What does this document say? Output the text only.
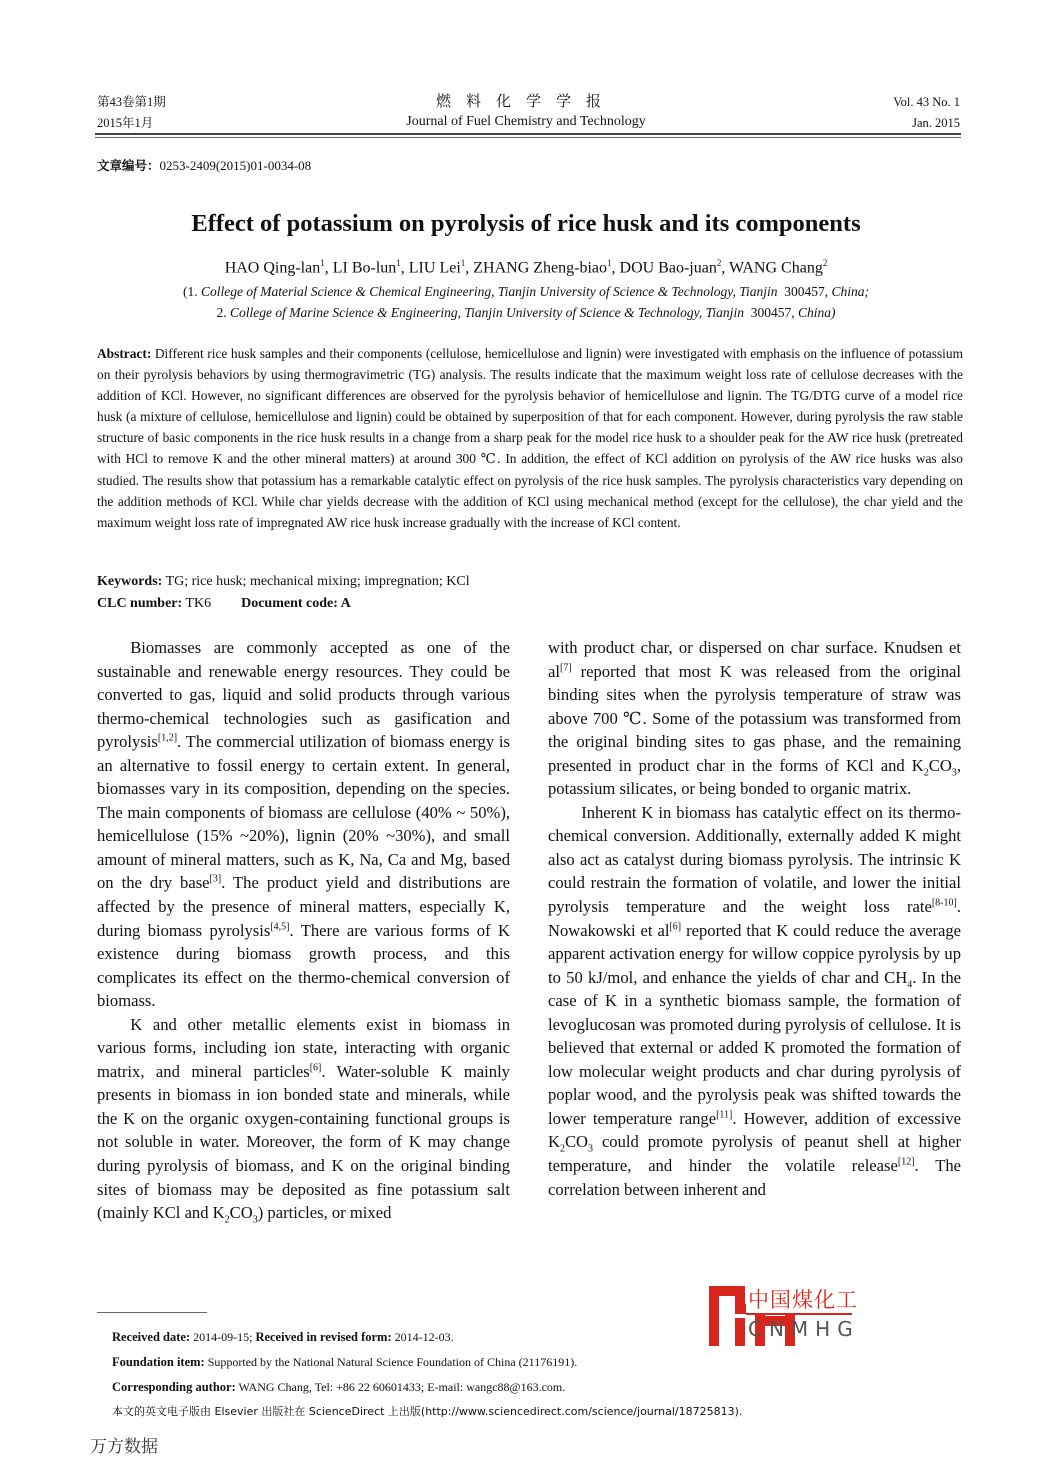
第43卷第1期
2015年1月
燃料化学学报
Journal of Fuel Chemistry and Technology
Vol. 43 No. 1
Jan. 2015
文章编号：0253-2409(2015)01-0034-08
Effect of potassium on pyrolysis of rice husk and its components
HAO Qing-lan$^1$, LI Bo-lun$^1$, LIU Lei$^1$, ZHANG Zheng-biao$^1$, DOU Bao-juan$^2$, WANG Chang$^2$
(1. College of Material Science & Chemical Engineering, Tianjin University of Science & Technology, Tianjin 300457, China;
2. College of Marine Science & Engineering, Tianjin University of Science & Technology, Tianjin 300457, China)
Abstract: Different rice husk samples and their components (cellulose, hemicellulose and lignin) were investigated with emphasis on the influence of potassium on their pyrolysis behaviors by using thermogravimetric (TG) analysis. The results indicate that the maximum weight loss rate of cellulose decreases with the addition of KCl. However, no significant differences are observed for the pyrolysis behavior of hemicellulose and lignin. The TG/DTG curve of a model rice husk (a mixture of cellulose, hemicellulose and lignin) could be obtained by superposition of that for each component. However, during pyrolysis the raw stable structure of basic components in the rice husk results in a change from a sharp peak for the model rice husk to a shoulder peak for the AW rice husk (pretreated with HCl to remove K and the other mineral matters) at around 300 ℃. In addition, the effect of KCl addition on pyrolysis of the AW rice husks was also studied. The results show that potassium has a remarkable catalytic effect on pyrolysis of the rice husk samples. The pyrolysis characteristics vary depending on the addition methods of KCl. While char yields decrease with the addition of KCl using mechanical method (except for the cellulose), the char yield and the maximum weight loss rate of impregnated AW rice husk increase gradually with the increase of KCl content.
Keywords: TG; rice husk; mechanical mixing; impregnation; KCl
CLC number: TK6 Document code: A

Biomasses are commonly accepted as one of the sustainable and renewable energy resources. They could be converted to gas, liquid and solid products through various thermo-chemical technologies such as gasification and pyrolysis[1,2]. The commercial utilization of biomass energy is an alternative to fossil energy to certain extent. In general, biomasses vary in its composition, depending on the species. The main components of biomass are cellulose (40% ~ 50%), hemicellulose (15% ~20%), lignin (20% ~30%), and small amount of mineral matters, such as K, Na, Ca and Mg, based on the dry base[3]. The product yield and distributions are affected by the presence of mineral matters, especially K, during biomass pyrolysis[4,5]. There are various forms of K existence during biomass growth process, and this complicates its effect on the thermo-chemical conversion of biomass.

K and other metallic elements exist in biomass in various forms, including ion state, interacting with organic matrix, and mineral particles[6]. Water-soluble K mainly presents in biomass in ion bonded state and minerals, while the K on the organic oxygen-containing functional groups is not soluble in water. Moreover, the form of K may change during pyrolysis of biomass, and K on the original binding sites of biomass may be deposited as fine potassium salt (mainly KCl and $K_2CO_3$) particles, or mixed

with product char, or dispersed on char surface. Knudsen et al[7] reported that most K was released from the original binding sites when the pyrolysis temperature of straw was above 700 ℃. Some of the potassium was transformed from the original binding sites to gas phase, and the remaining presented in product char in the forms of KCl and $K_2CO_3$, potassium silicates, or being bonded to organic matrix.

Inherent K in biomass has catalytic effect on its thermo-chemical conversion. Additionally, externally added K might also act as catalyst during biomass pyrolysis. The intrinsic K could restrain the formation of volatile, and lower the initial pyrolysis temperature and the weight loss rate[8-10]. Nowakowski et al[6] reported that K could reduce the average apparent activation energy for willow coppice pyrolysis by up to 50 kJ/mol, and enhance the yields of char and $CH_4$. In the case of K in a synthetic biomass sample, the formation of levoglucosan was promoted during pyrolysis of cellulose. It is believed that external or added K promoted the formation of low molecular weight products and char during pyrolysis of poplar wood, and the pyrolysis peak was shifted towards the lower temperature range[11]. However, addition of excessive $K_2CO_3$ could promote pyrolysis of peanut shell at higher temperature, and hinder the volatile release[12]. The correlation between inherent and

中国煤化工
CNMHG
Received date: 2014-09-15; Received in revised form: 2014-12-03.
Foundation item: Supported by the National Natural Science Foundation of China (21176191).
Corresponding author: WANG Chang, Tel: +86 22 60601433; E-mail: wangc88@163.com.
本文的英文电子版由 Elsevier 出版社在 ScienceDirect 上出版(http://www.sciencedirect.com/science/journal/18725813).
万方数据
